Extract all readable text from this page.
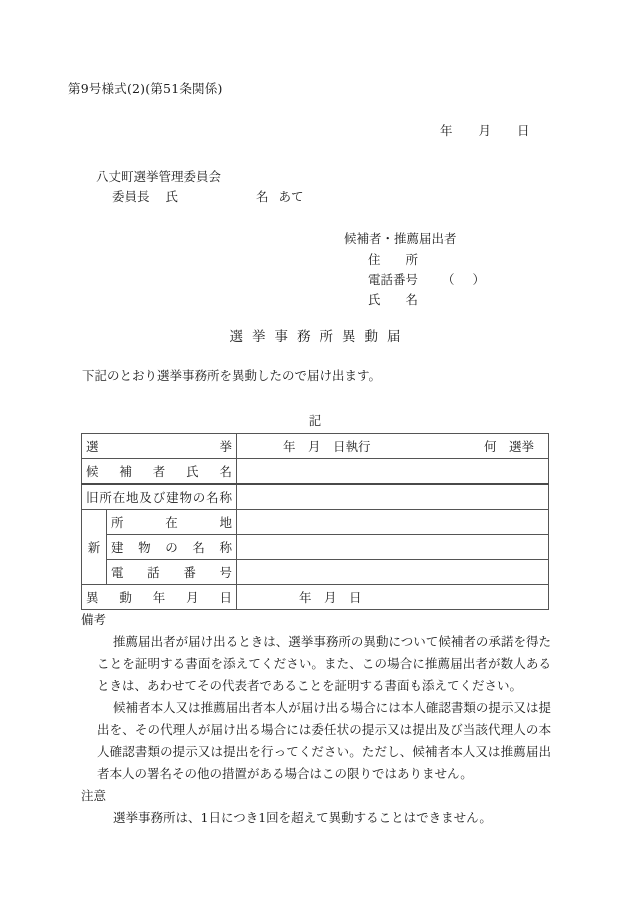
第9号様式(2)(第51条関係)
年 月 日
八丈町選挙管理委員会
委員長 氏	名 あて
候補者・推薦届出者
住　　所
電話番号 （ ）
氏　　名
選挙事務所異動届
下記のとおり選挙事務所を異動したので届け出ます。
記
選挙		年　月　日執行 何　選挙

候補者氏名		
旧所在地及び建物の名称		
新	所在地	
	建物の名称	
	電話番号	
異動年月日		年　月　日

備考

推薦届出者が届け出るときは、選挙事務所の異動について候補者の承諾を得たことを証明する書面を添えてください。また、この場合に推薦届出者が数人あるときは、あわせてその代表者であることを証明する書面も添えてください。

候補者本人又は推薦届出者本人が届け出る場合には本人確認書類の提示又は提出を、その代理人が届け出る場合には委任状の提示又は提出及び当該代理人の本人確認書類の提示又は提出を行ってください。ただし、候補者本人又は推薦届出者本人の署名その他の措置がある場合はこの限りではありません。

注意

選挙事務所は、1日につき1回を超えて異動することはできません。
